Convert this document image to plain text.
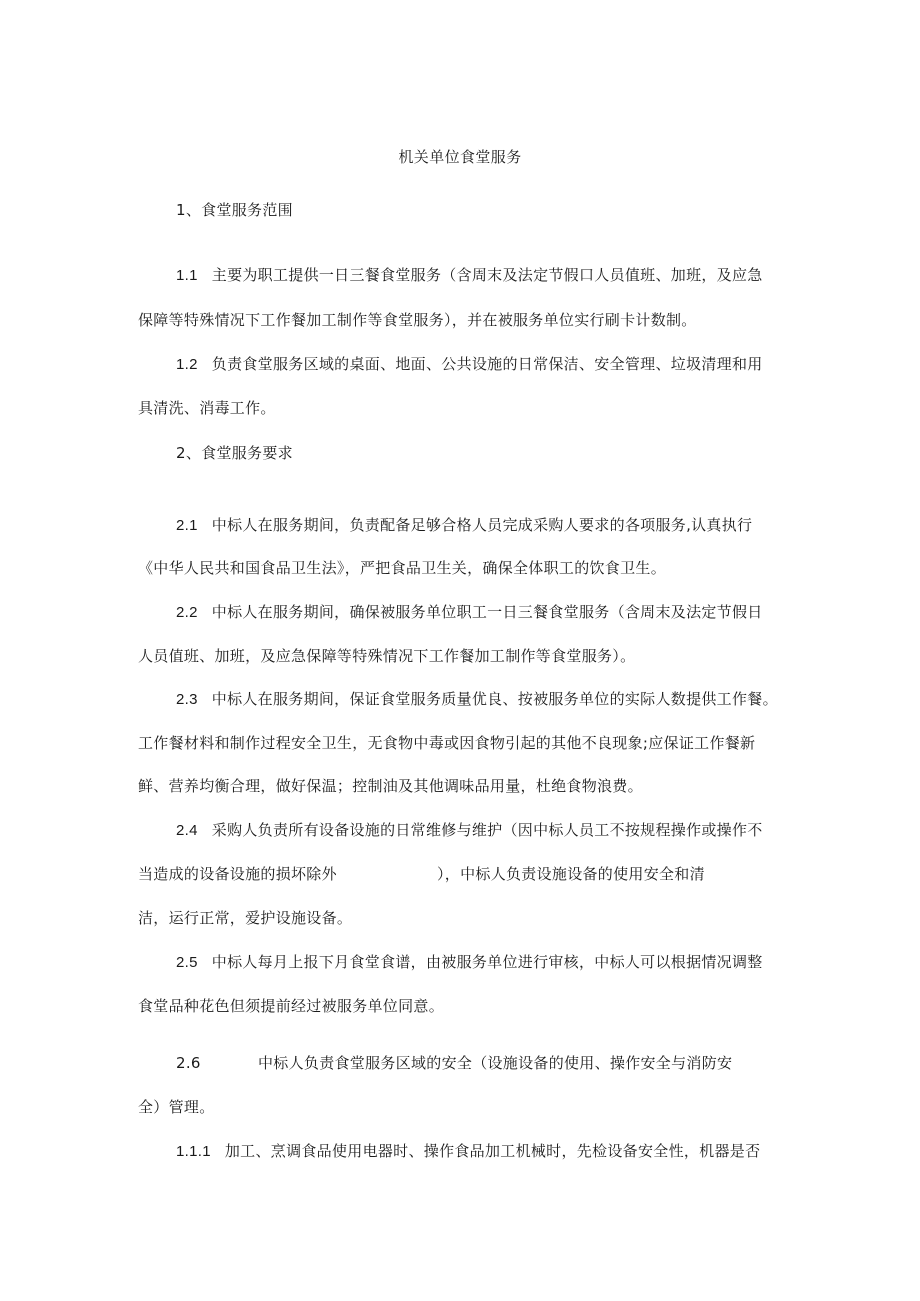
机关单位食堂服务
1、食堂服务范围
1.1 主要为职工提供一日三餐食堂服务（含周末及法定节假口人员值班、加班，及应急
保障等特殊情况下工作餐加工制作等食堂服务），并在被服务单位实行刷卡计数制。
1.2 负责食堂服务区域的桌面、地面、公共设施的日常保洁、安全管理、垃圾清理和用
具清洗、消毒工作。
2、食堂服务要求
2.1 中标人在服务期间，负责配备足够合格人员完成采购人要求的各项服务,认真执行
《中华人民共和国食品卫生法》，严把食品卫生关，确保全体职工的饮食卫生。
2.2 中标人在服务期间，确保被服务单位职工一日三餐食堂服务（含周末及法定节假日
人员值班、加班，及应急保障等特殊情况下工作餐加工制作等食堂服务）。
2.3 中标人在服务期间，保证食堂服务质量优良、按被服务单位的实际人数提供工作餐。
工作餐材料和制作过程安全卫生，无食物中毒或因食物引起的其他不良现象;应保证工作餐新
鲜、营养均衡合理，做好保温；控制油及其他调味品用量，杜绝食物浪费。
2.4 采购人负责所有设备设施的日常维修与维护（因中标人员工不按规程操作或操作不
当造成的设备设施的损坏除外	），中标人负责设施设备的使用安全和清
洁，运行正常，爱护设施设备。
2.5 中标人每月上报下月食堂食谱，由被服务单位进行审核，中标人可以根据情况调整
食堂品种花色但须提前经过被服务单位同意。
2.6	中标人负责食堂服务区域的安全（设施设备的使用、操作安全与消防安
全）管理。
1.1.1 加工、烹调食品使用电器时、操作食品加工机械时，先检设备安全性，机器是否
